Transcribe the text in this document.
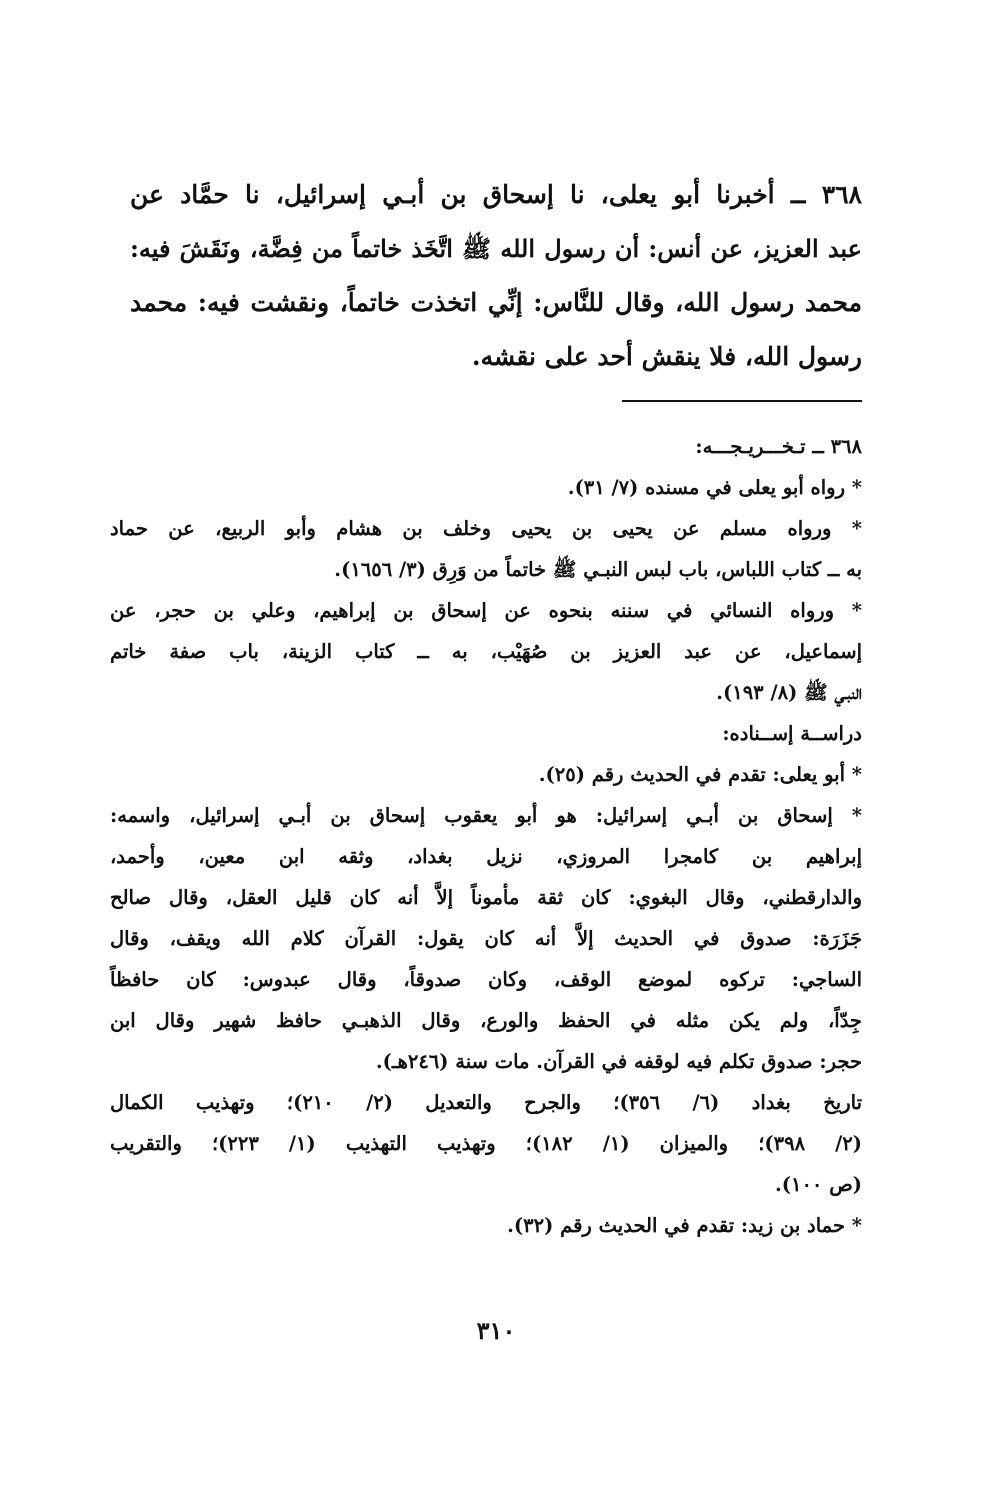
٣٦٨ ــ أخبرنا أبو يعلى، نا إسحاق بن أبـي إسرائيل، نا حمَّاد عن
عبد العزيز، عن أنس: أن رسول الله ﷺ اتَّخَذ خاتماً من فِضَّة، ونَقَشَ فيه:
محمد رسول الله، وقال للنَّاس: إنِّي اتخذت خاتماً، ونقشت فيه: محمد
رسول الله، فلا ينقش أحد على نقشه.
٣٦٨ ــ تـخـــريـجـــه:
* رواه أبو يعلى في مسنده (٧/ ٣١).
* ورواه مسلم عن يحيى بن يحيى وخلف بن هشام وأبو الربيع، عن حماد
به ــ كتاب اللباس، باب لبس النبـي ﷺ خاتماً من وَرِق (٣/ ١٦٥٦).
* ورواه النسائي في سننه بنحوه عن إسحاق بن إبراهيم، وعلي بن حجر، عن
إسماعيل، عن عبد العزيز بن صُهَيْب، به ــ كتاب الزينة، باب صفة خاتم
النبـي ﷺ (٨/ ١٩٣).
دراســة إســناده:
* أبو يعلى: تقدم في الحديث رقم (٢٥).
* إسحاق بن أبـي إسرائيل: هو أبو يعقوب إسحاق بن أبـي إسرائيل، واسمه:
إبراهيم بن كامجرا المروزي، نزيل بغداد، وثقه ابن معين، وأحمد،
والدارقطني، وقال البغوي: كان ثقة مأموناً إلاَّ أنه كان قليل العقل، وقال صالح
جَزَرَة: صدوق في الحديث إلاَّ أنه كان يقول: القرآن كلام الله ويقف، وقال
الساجي: تركوه لموضع الوقف، وكان صدوقاً، وقال عبدوس: كان حافظاً
جِدّاً، ولم يكن مثله في الحفظ والورع، وقال الذهبـي حافظ شهير وقال ابن
حجر: صدوق تكلم فيه لوقفه في القرآن. مات سنة (٢٤٦هـ).
تاريخ بغداد (٦/ ٣٥٦)؛ والجرح والتعديل (٢/ ٢١٠)؛ وتهذيب الكمال
(٢/ ٣٩٨)؛ والميزان (١/ ١٨٢)؛ وتهذيب التهذيب (١/ ٢٢٣)؛ والتقريب
(ص ١٠٠).
* حماد بن زيد: تقدم في الحديث رقم (٣٢).
٣١٠
